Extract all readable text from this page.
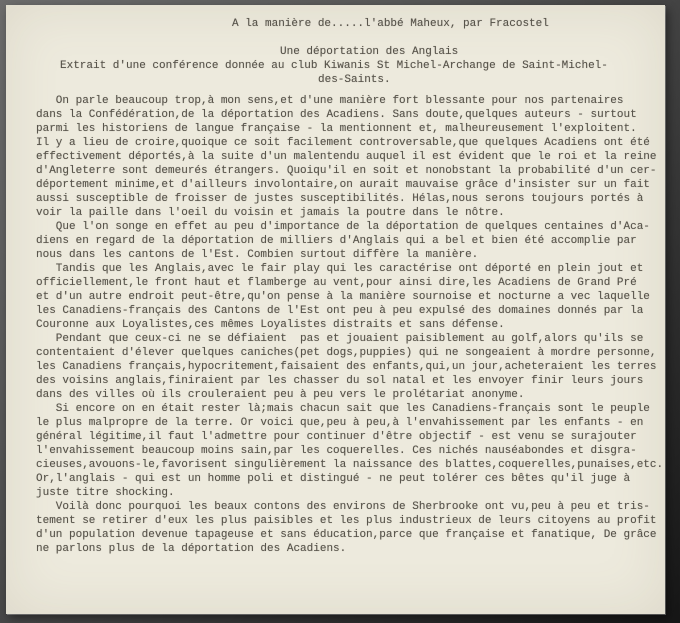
A la manière de.....l'abbé Maheux, par Fracostel
Une déportation des Anglais
Extrait d'une conférence donnée au club Kiwanis St Michel-Archange de Saint-Michel-
des-Saints.
On parle beaucoup trop,à mon sens,et d'une manière fort blessante pour nos partenaires
dans la Confédération,de la déportation des Acadiens. Sans doute,quelques auteurs - surtout
parmi les historiens de langue française - la mentionnent et, malheureusement l'exploitent.
Il y a lieu de croire,quoique ce soit facilement controversable,que quelques Acadiens ont été
effectivement déportés,à la suite d'un malentendu auquel il est évident que le roi et la reine
d'Angleterre sont demeurés étrangers. Quoiqu'il en soit et nonobstant la probabilité d'un cer-
déportement minime,et d'ailleurs involontaire,on aurait mauvaise grâce d'insister sur un fait
aussi susceptible de froisser de justes susceptibilités. Hélas,nous serons toujours portés à
voir la paille dans l'oeil du voisin et jamais la poutre dans le nôtre.
Que l'on songe en effet au peu d'importance de la déportation de quelques centaines d'Aca-
diens en regard de la déportation de milliers d'Anglais qui a bel et bien été accomplie par
nous dans les cantons de l'Est. Combien surtout diffère la manière.
Tandis que les Anglais,avec le fair play qui les caractérise ont déporté en plein jout et
officiellement,le front haut et flamberge au vent,pour ainsi dire,les Acadiens de Grand Pré
et d'un autre endroit peut-être,qu'on pense à la manière sournoise et nocturne a vec laquelle
les Canadiens-français des Cantons de l'Est ont peu à peu expulsé des domaines donnés par la
Couronne aux Loyalistes,ces mêmes Loyalistes distraits et sans défense.
Pendant que ceux-ci ne se défiaient  pas et jouaient paisiblement au golf,alors qu'ils se
contentaient d'élever quelques caniches(pet dogs,puppies) qui ne songeaient à mordre personne,
les Canadiens français,hypocritement,faisaient des enfants,qui,un jour,acheteraient les terres
des voisins anglais,finiraient par les chasser du sol natal et les envoyer finir leurs jours
dans des villes où ils crouleraient peu à peu vers le prolétariat anonyme.
Si encore on en était rester là;mais chacun sait que les Canadiens-français sont le peuple
le plus malpropre de la terre. Or voici que,peu à peu,à l'envahissement par les enfants - en
général légitime,il faut l'admettre pour continuer d'être objectif - est venu se surajouter
l'envahissement beaucoup moins sain,par les coquerelles. Ces nichés nauséabondes et disgra-
cieuses,avouons-le,favorisent singulièrement la naissance des blattes,coquerelles,punaises,etc.
Or,l'anglais - qui est un homme poli et distingué - ne peut tolérer ces bêtes qu'il juge à
juste titre shocking.
Voilà donc pourquoi les beaux contons des environs de Sherbrooke ont vu,peu à peu et tris-
tement se retirer d'eux les plus paisibles et les plus industrieux de leurs citoyens au profit
d'un population devenue tapageuse et sans éducation,parce que française et fanatique, De grâce
ne parlons plus de la déportation des Acadiens.
